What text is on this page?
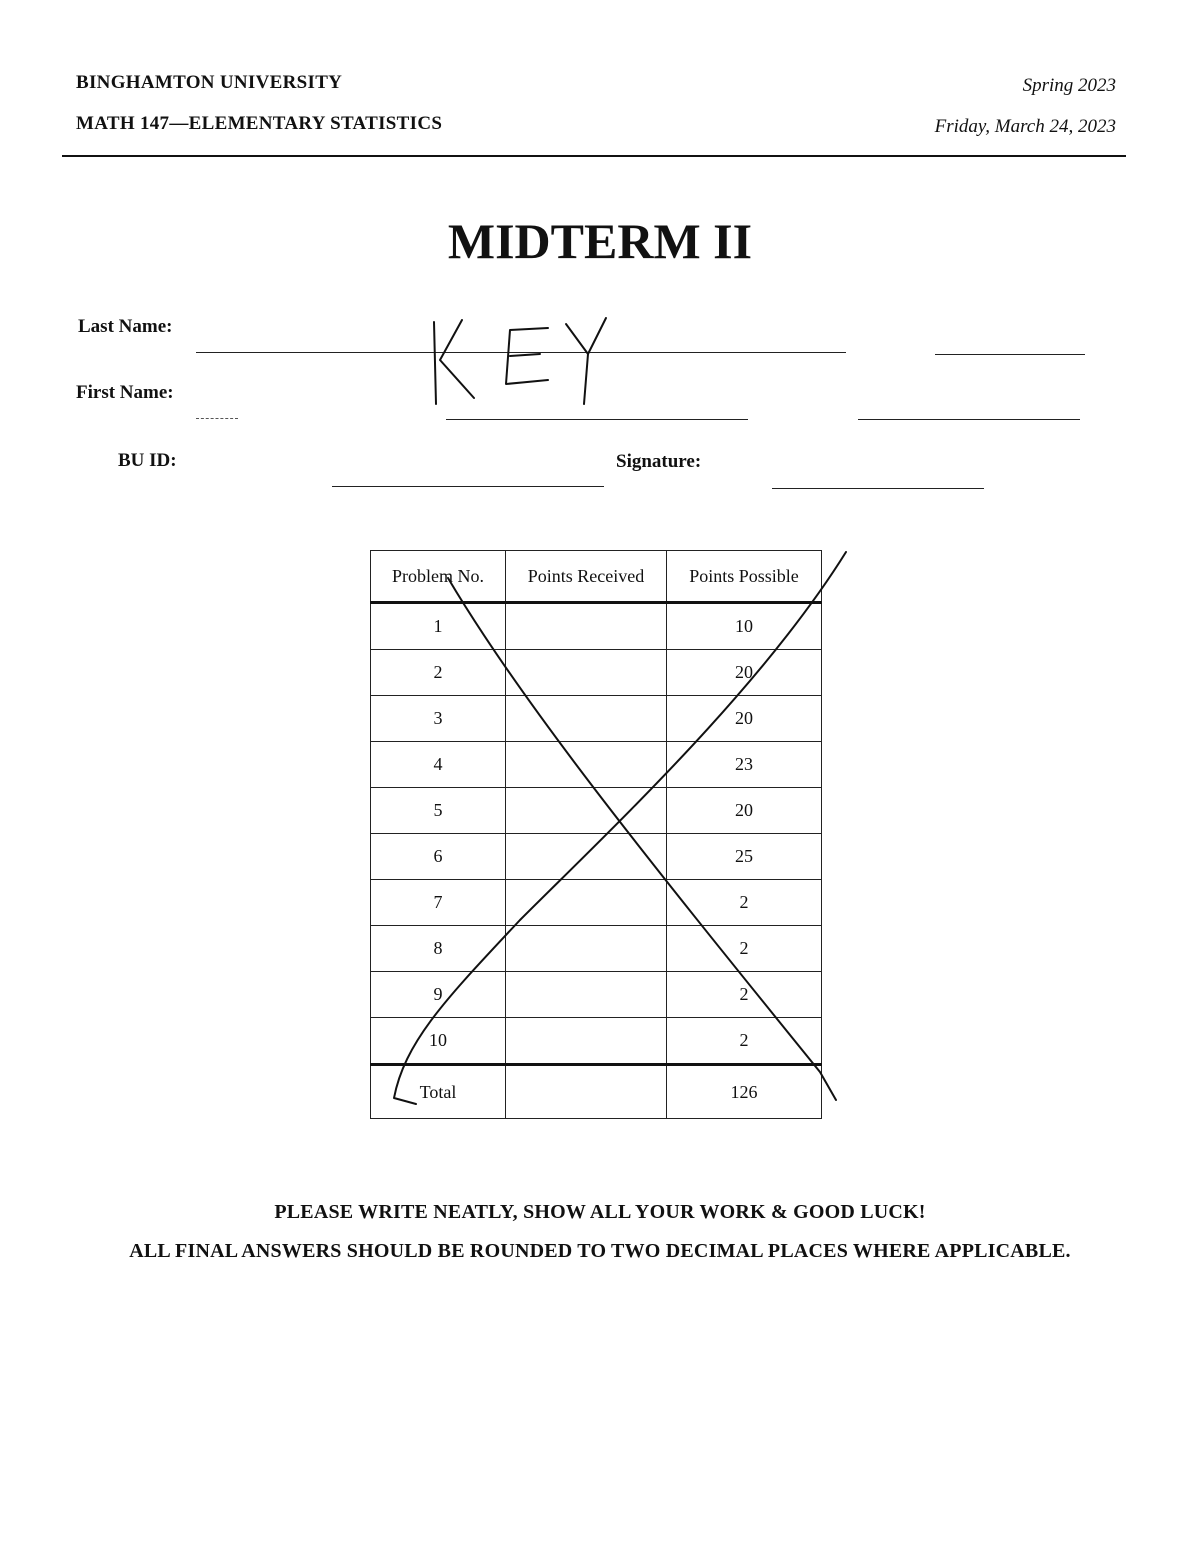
BINGHAMTON UNIVERSITY
MATH 147—ELEMENTARY STATISTICS
Spring 2023
Friday, March 24, 2023
MIDTERM II
Last Name:
First Name:
BU ID:	Signature:
Problem No.	Points Received	Points Possible
1		10
2		20
3		20
4		23
5		20
6		25
7		2
8		2
9		2
10		2
Total		126
PLEASE WRITE NEATLY, SHOW ALL YOUR WORK & GOOD LUCK!
ALL FINAL ANSWERS SHOULD BE ROUNDED TO TWO DECIMAL PLACES WHERE APPLICABLE.
